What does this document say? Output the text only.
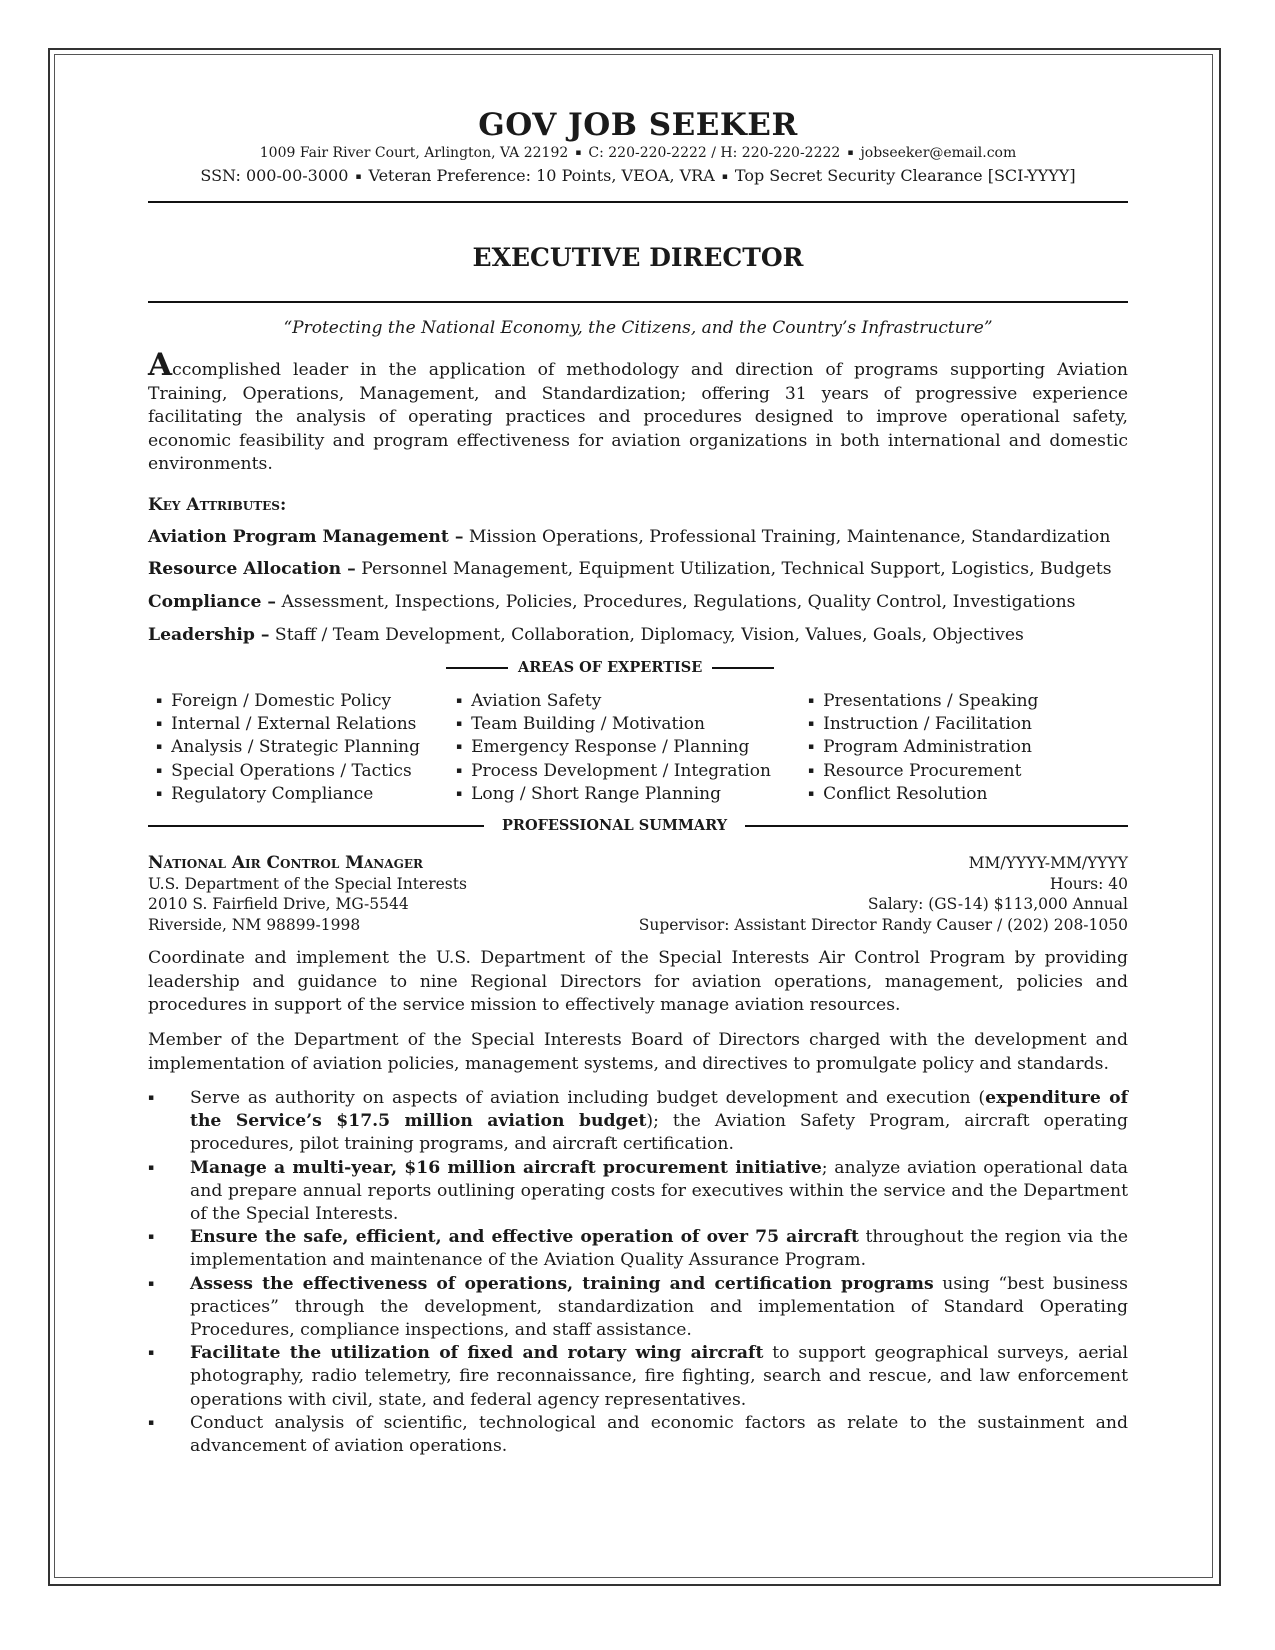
GOV JOB SEEKER
1009 Fair River Court, Arlington, VA 22192 ▪ C: 220-220-2222 / H: 220-220-2222 ▪ jobseeker@email.com
SSN: 000-00-3000 ▪ Veteran Preference: 10 Points, VEOA, VRA ▪ Top Secret Security Clearance [SCI-YYYY]
EXECUTIVE DIRECTOR
“Protecting the National Economy, the Citizens, and the Country’s Infrastructure”
Accomplished leader in the application of methodology and direction of programs supporting Aviation Training, Operations, Management, and Standardization; offering 31 years of progressive experience facilitating the analysis of operating practices and procedures designed to improve operational safety, economic feasibility and program effectiveness for aviation organizations in both international and domestic environments.
Key Attributes:
Aviation Program Management – Mission Operations, Professional Training, Maintenance, Standardization
Resource Allocation – Personnel Management, Equipment Utilization, Technical Support, Logistics, Budgets
Compliance – Assessment, Inspections, Policies, Procedures, Regulations, Quality Control, Investigations
Leadership – Staff / Team Development, Collaboration, Diplomacy, Vision, Values, Goals, Objectives
AREAS OF EXPERTISE
▪ Foreign / Domestic Policy
▪ Internal / External Relations
▪ Analysis / Strategic Planning
▪ Special Operations / Tactics
▪ Regulatory Compliance
▪ Aviation Safety
▪ Team Building / Motivation
▪ Emergency Response / Planning
▪ Process Development / Integration
▪ Long / Short Range Planning
▪ Presentations / Speaking
▪ Instruction / Facilitation
▪ Program Administration
▪ Resource Procurement
▪ Conflict Resolution
PROFESSIONAL SUMMARY
National Air Control Manager
U.S. Department of the Special Interests
2010 S. Fairfield Drive, MG-5544
Riverside, NM 98899-1998
MM/YYYY-MM/YYYY
Hours: 40
Salary: (GS-14) $113,000 Annual
Supervisor: Assistant Director Randy Causer / (202) 208-1050
Coordinate and implement the U.S. Department of the Special Interests Air Control Program by providing leadership and guidance to nine Regional Directors for aviation operations, management, policies and procedures in support of the service mission to effectively manage aviation resources.
Member of the Department of the Special Interests Board of Directors charged with the development and implementation of aviation policies, management systems, and directives to promulgate policy and standards.
▪ Serve as authority on aspects of aviation including budget development and execution (expenditure of the Service’s $17.5 million aviation budget); the Aviation Safety Program, aircraft operating procedures, pilot training programs, and aircraft certification.
▪ Manage a multi-year, $16 million aircraft procurement initiative; analyze aviation operational data and prepare annual reports outlining operating costs for executives within the service and the Department of the Special Interests.
▪ Ensure the safe, efficient, and effective operation of over 75 aircraft throughout the region via the implementation and maintenance of the Aviation Quality Assurance Program.
▪ Assess the effectiveness of operations, training and certification programs using “best business practices” through the development, standardization and implementation of Standard Operating Procedures, compliance inspections, and staff assistance.
▪ Facilitate the utilization of fixed and rotary wing aircraft to support geographical surveys, aerial photography, radio telemetry, fire reconnaissance, fire fighting, search and rescue, and law enforcement operations with civil, state, and federal agency representatives.
▪ Conduct analysis of scientific, technological and economic factors as relate to the sustainment and advancement of aviation operations.
